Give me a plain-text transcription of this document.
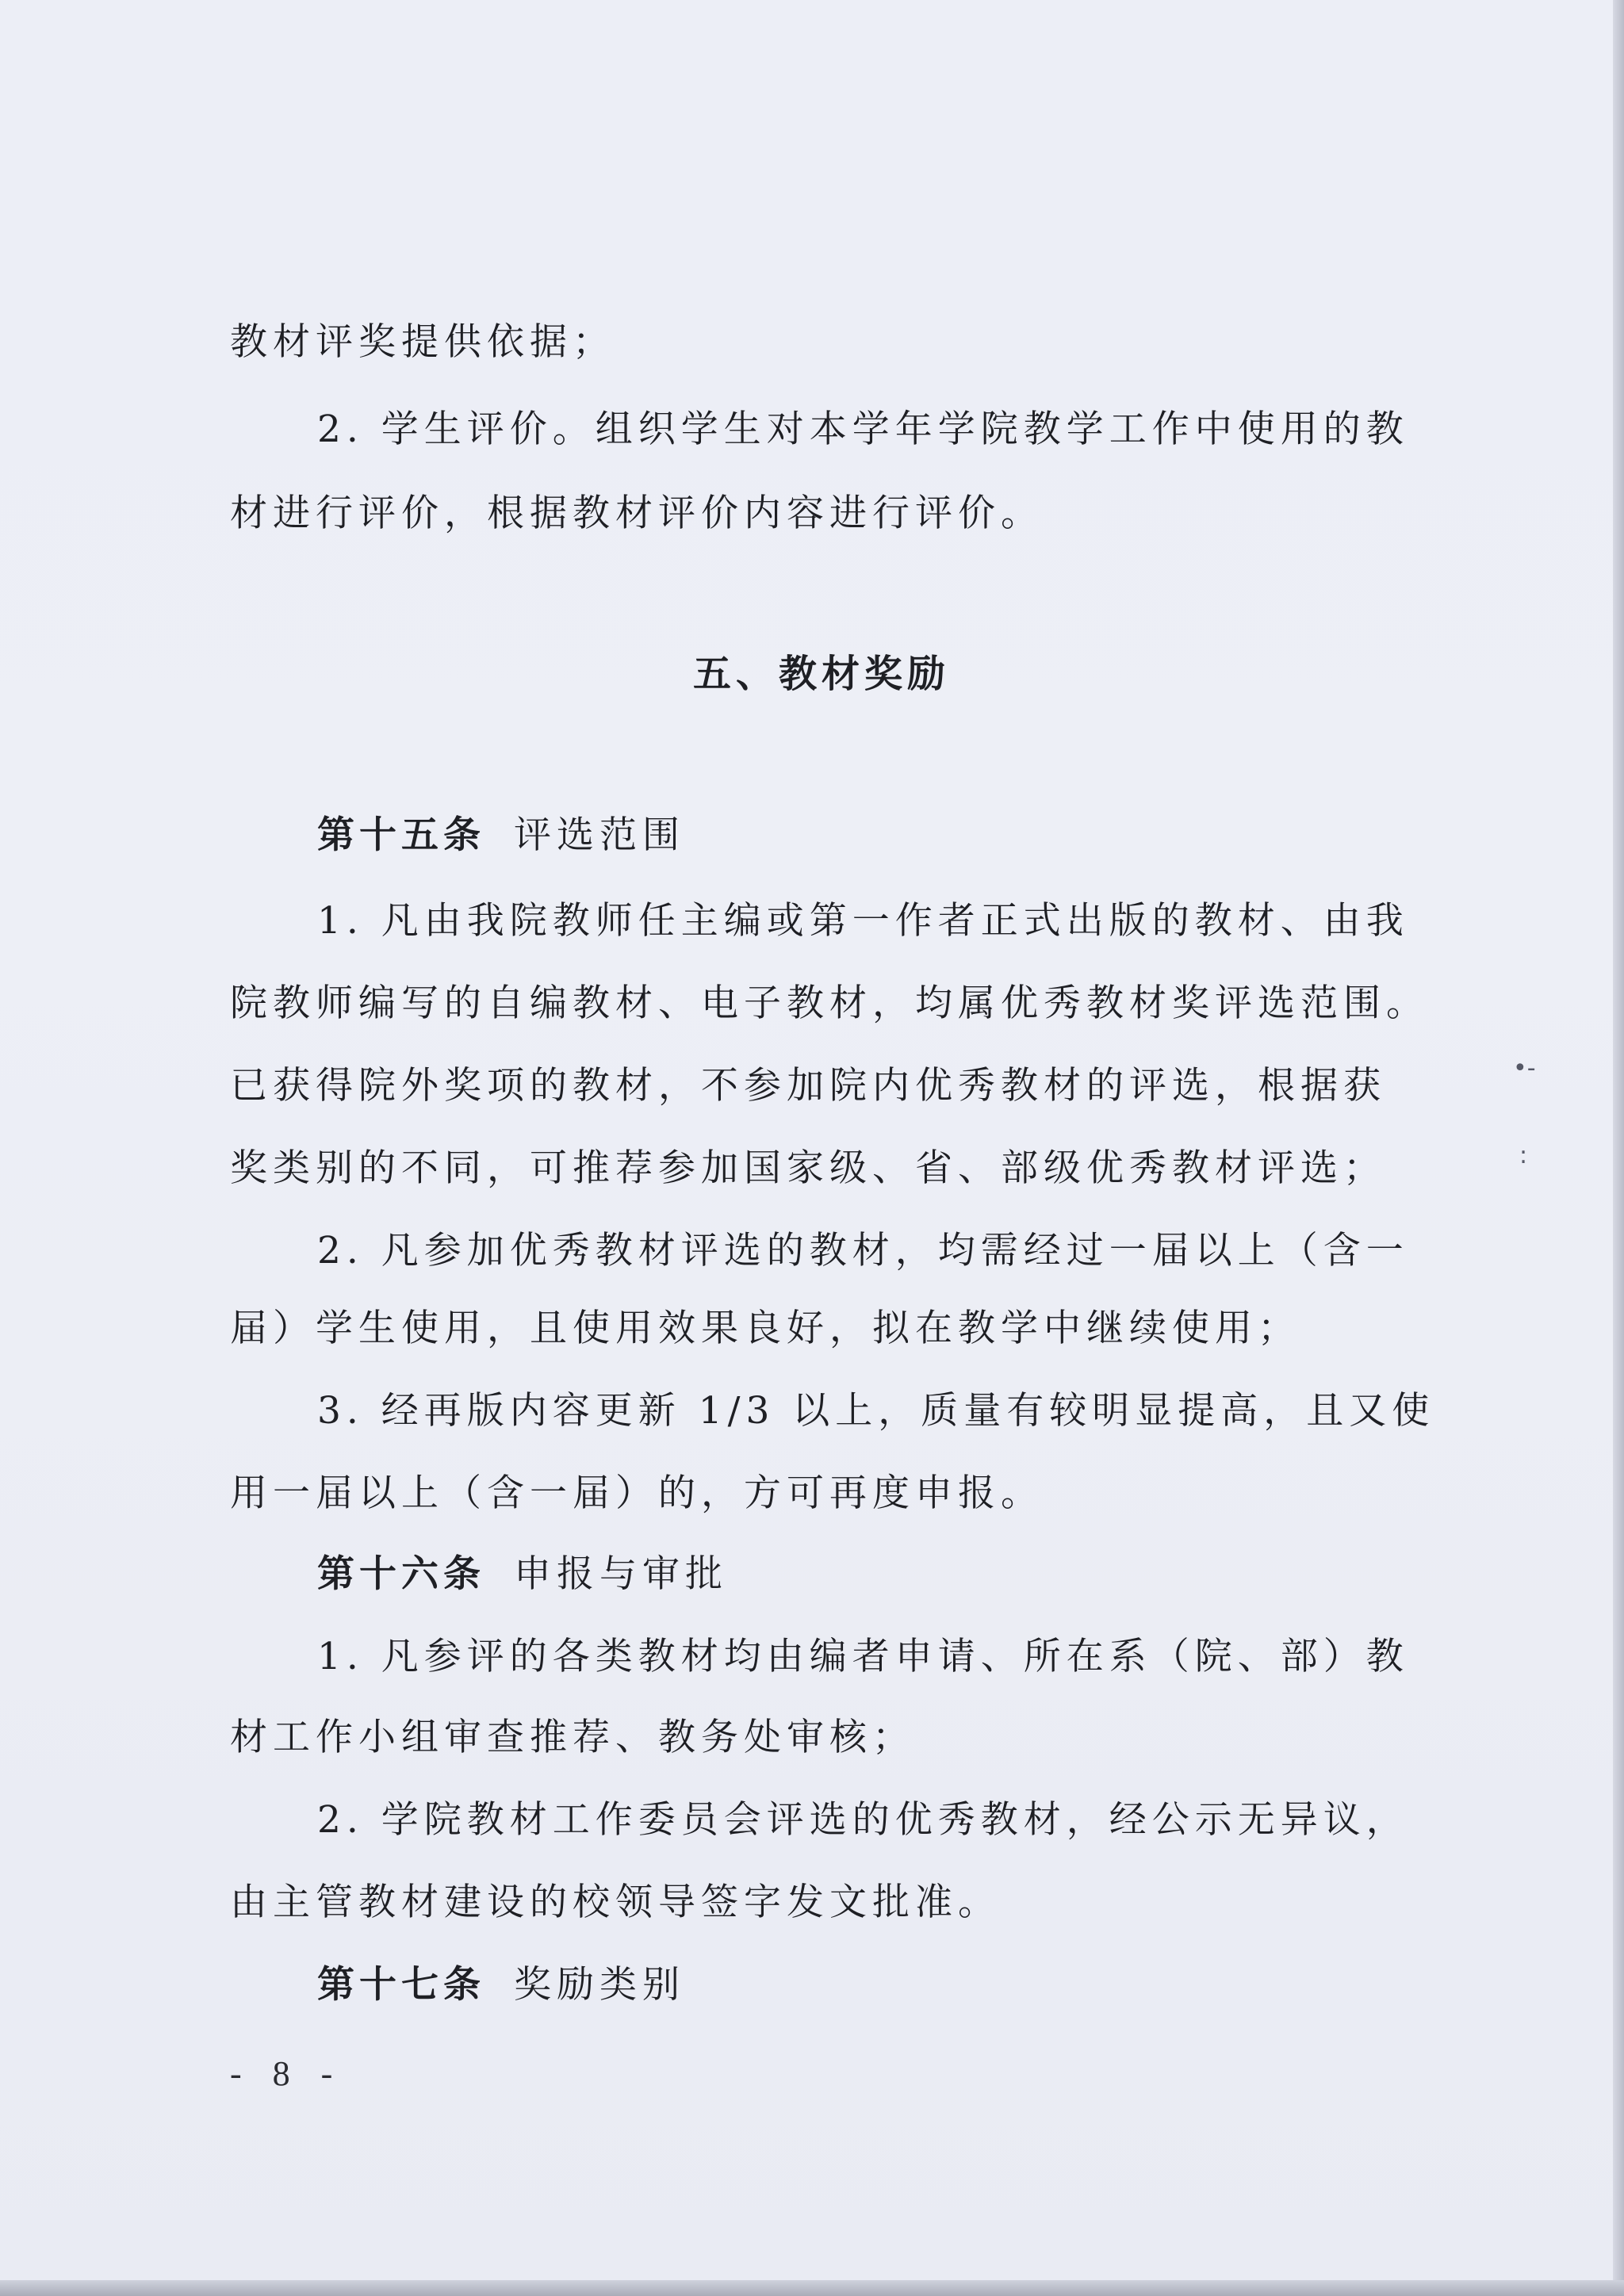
教材评奖提供依据；
2. 学生评价。组织学生对本学年学院教学工作中使用的教
材进行评价，根据教材评价内容进行评价。
五、教材奖励
第十五条 评选范围
1. 凡由我院教师任主编或第一作者正式出版的教材、由我
院教师编写的自编教材、电子教材，均属优秀教材奖评选范围。
已获得院外奖项的教材，不参加院内优秀教材的评选，根据获
奖类别的不同，可推荐参加国家级、省、部级优秀教材评选；
2. 凡参加优秀教材评选的教材，均需经过一届以上（含一
届）学生使用，且使用效果良好，拟在教学中继续使用；
3. 经再版内容更新 1/3 以上，质量有较明显提高，且又使
用一届以上（含一届）的，方可再度申报。
第十六条 申报与审批
1. 凡参评的各类教材均由编者申请、所在系（院、部）教
材工作小组审查推荐、教务处审核；
2. 学院教材工作委员会评选的优秀教材，经公示无异议，
由主管教材建设的校领导签字发文批准。
第十七条 奖励类别
- 8 -
•-
:
